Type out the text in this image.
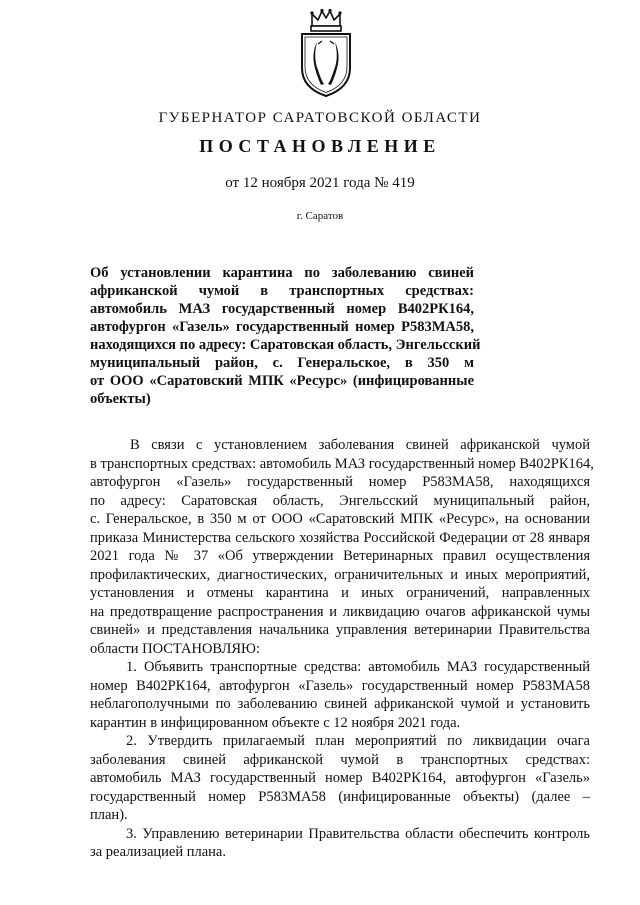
ГУБЕРНАТОР САРАТОВСКОЙ ОБЛАСТИ
ПОСТАНОВЛЕНИЕ
от 12 ноября 2021 года № 419
г. Саратов
Об установлении карантина по заболеванию свиней
африканской чумой в транспортных средствах:
автомобиль МАЗ государственный номер В402РК164,
автофургон «Газель» государственный номер Р583МА58,
находящихся по адресу: Саратовская область, Энгельсский
муниципальный район, с. Генеральское, в 350 м
от ООО «Саратовский МПК «Ресурс» (инфицированные
объекты)
В связи с установлением заболевания свиней африканской чумой
в транспортных средствах: автомобиль МАЗ государственный номер В402РК164,
автофургон «Газель» государственный номер Р583МА58, находящихся
по адресу: Саратовская область, Энгельсский муниципальный район,
с. Генеральское, в 350 м от ООО «Саратовский МПК «Ресурс», на основании
приказа Министерства сельского хозяйства Российской Федерации от 28 января
2021 года № 37 «Об утверждении Ветеринарных правил осуществления
профилактических, диагностических, ограничительных и иных мероприятий,
установления и отмены карантина и иных ограничений, направленных
на предотвращение распространения и ликвидацию очагов африканской чумы
свиней» и представления начальника управления ветеринарии Правительства
области ПОСТАНОВЛЯЮ:
1. Объявить транспортные средства: автомобиль МАЗ государственный
номер В402РК164, автофургон «Газель» государственный номер Р583МА58
неблагополучными по заболеванию свиней африканской чумой и установить
карантин в инфицированном объекте с 12 ноября 2021 года.
2. Утвердить прилагаемый план мероприятий по ликвидации очага
заболевания свиней африканской чумой в транспортных средствах:
автомобиль МАЗ государственный номер В402РК164, автофургон «Газель»
государственный номер Р583МА58 (инфицированные объекты) (далее –
план).
3. Управлению ветеринарии Правительства области обеспечить контроль
за реализацией плана.
